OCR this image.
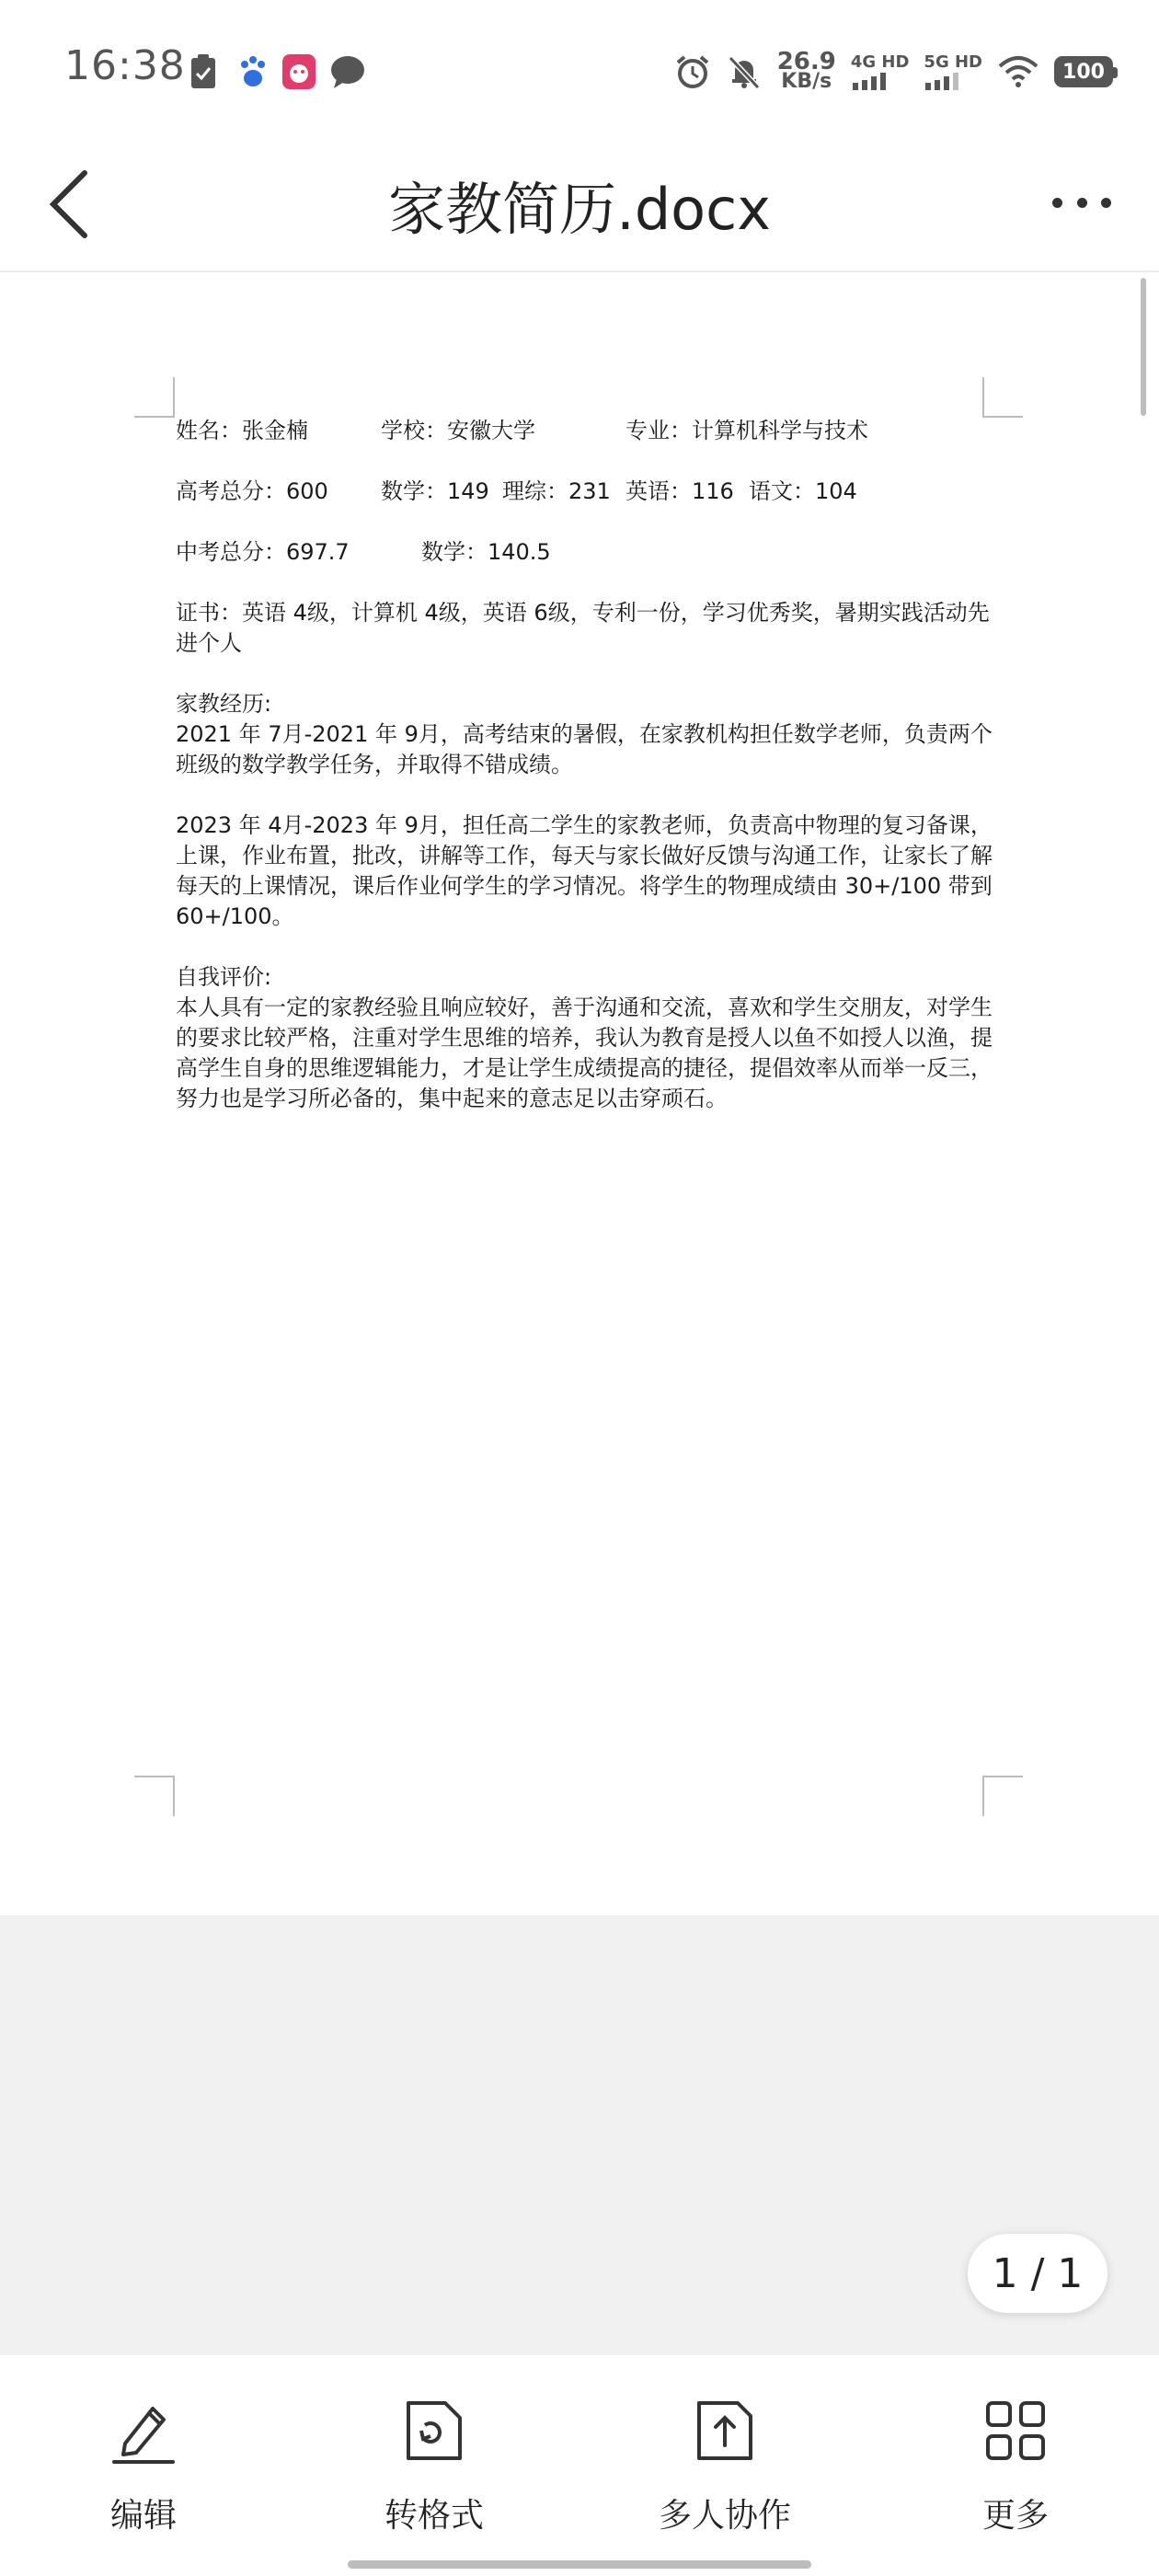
16:38	26.9
KB/s
4G HD 5G HD	100
家教简历.docx
姓名：张金楠	学校：安徽大学	专业：计算机科学与技术
高考总分：600 数学：149 理综：231 英语：116 语文：104
中考总分：697.7	数学：140.5
证书：英语 4级，计算机 4级，英语 6级，专利一份，学习优秀奖，暑期实践活动先进个人
家教经历:
2021 年 7月-2021 年 9月，高考结束的暑假，在家教机构担任数学老师，负责两个班级的数学教学任务，并取得不错成绩。
2023 年 4月-2023 年 9月，担任高二学生的家教老师，负责高中物理的复习备课，上课，作业布置，批改，讲解等工作，每天与家长做好反馈与沟通工作，让家长了解每天的上课情况，课后作业何学生的学习情况。将学生的物理成绩由 30+/100 带到 60+/100。
自我评价:
本人具有一定的家教经验且响应较好，善于沟通和交流，喜欢和学生交朋友，对学生的要求比较严格，注重对学生思维的培养，我认为教育是授人以鱼不如授人以渔，提高学生自身的思维逻辑能力，才是让学生成绩提高的捷径，提倡效率从而举一反三，努力也是学习所必备的，集中起来的意志足以击穿顽石。
1 / 1
编辑	转格式	多人协作	更多
